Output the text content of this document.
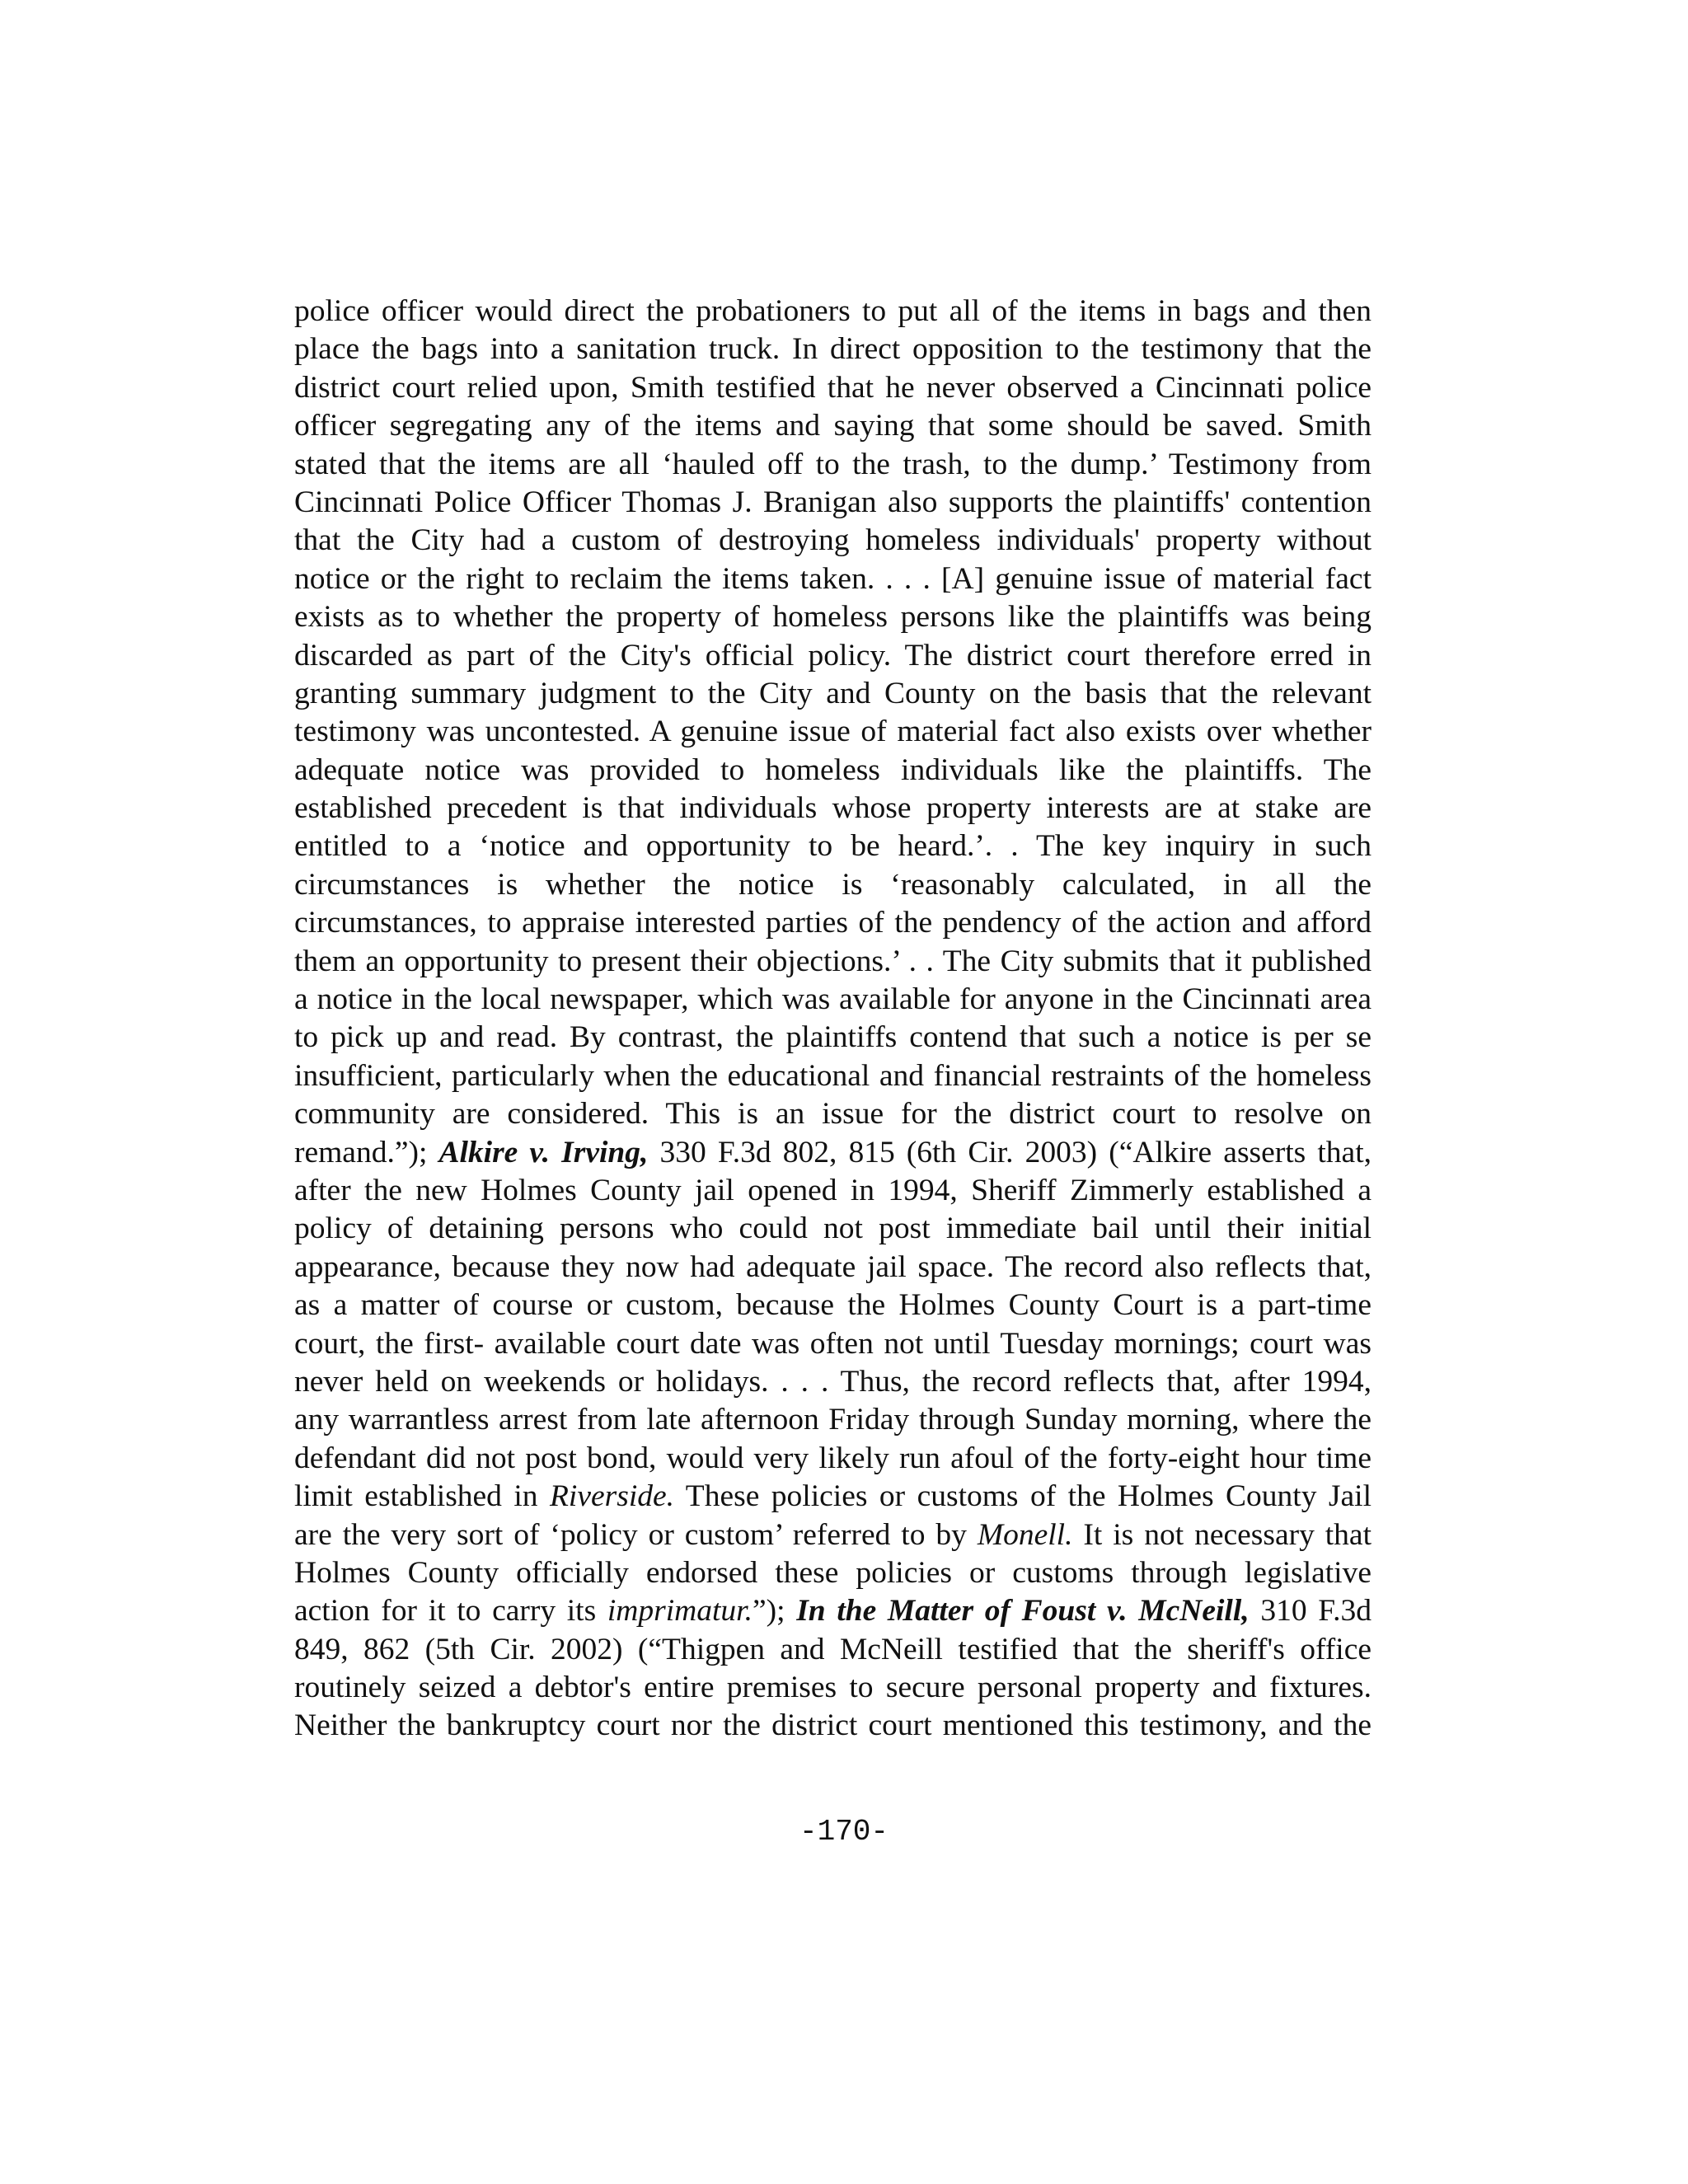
police officer would direct the probationers to put all of the items in bags and then
place the bags into a sanitation truck. In direct opposition to the testimony that the
district court relied upon, Smith testified that he never observed a Cincinnati police
officer segregating any of the items and saying that some should be saved. Smith
stated that the items are all ‘hauled off to the trash, to the dump.’ Testimony from
Cincinnati Police Officer Thomas J. Branigan also supports the plaintiffs' contention
that the City had a custom of destroying homeless individuals' property without
notice or the right to reclaim the items taken. . . . [A] genuine issue of material fact
exists as to whether the property of homeless persons like the plaintiffs was being
discarded as part of the City's official policy. The district court therefore erred in
granting summary judgment to the City and County on the basis that the relevant
testimony was uncontested. A genuine issue of material fact also exists over whether
adequate notice was provided to homeless individuals like the plaintiffs. The
established precedent is that individuals whose property interests are at stake are
entitled to a ‘notice and opportunity to be heard.’. . The key inquiry in such
circumstances is whether the notice is ‘reasonably calculated, in all the
circumstances, to appraise interested parties of the pendency of the action and afford
them an opportunity to present their objections.’ . . The City submits that it published
a notice in the local newspaper, which was available for anyone in the Cincinnati area
to pick up and read. By contrast, the plaintiffs contend that such a notice is per se
insufficient, particularly when the educational and financial restraints of the homeless
community are considered. This is an issue for the district court to resolve on
remand.”); Alkire v. Irving, 330 F.3d 802, 815 (6th Cir. 2003) (“Alkire asserts that,
after the new Holmes County jail opened in 1994, Sheriff Zimmerly established a
policy of detaining persons who could not post immediate bail until their initial
appearance, because they now had adequate jail space. The record also reflects that,
as a matter of course or custom, because the Holmes County Court is a part-time
court, the first- available court date was often not until Tuesday mornings; court was
never held on weekends or holidays. . . . Thus, the record reflects that, after 1994,
any warrantless arrest from late afternoon Friday through Sunday morning, where the
defendant did not post bond, would very likely run afoul of the forty-eight hour time
limit established in Riverside. These policies or customs of the Holmes County Jail
are the very sort of ‘policy or custom’ referred to by Monell. It is not necessary that
Holmes County officially endorsed these policies or customs through legislative
action for it to carry its imprimatur.”); In the Matter of Foust v. McNeill, 310 F.3d
849, 862 (5th Cir. 2002) (“Thigpen and McNeill testified that the sheriff's office
routinely seized a debtor's entire premises to secure personal property and fixtures.
Neither the bankruptcy court nor the district court mentioned this testimony, and the
-170-
